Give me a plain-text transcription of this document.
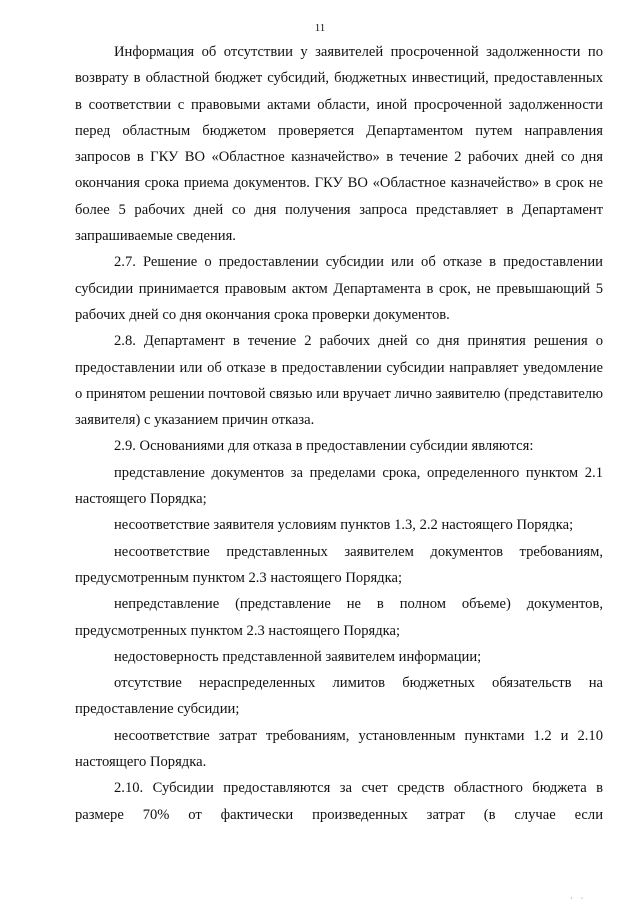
11

Информация об отсутствии у заявителей просроченной задолженности по возврату в областной бюджет субсидий, бюджетных инвестиций, предоставленных в соответствии с правовыми актами области, иной просроченной задолженности перед областным бюджетом проверяется Департаментом путем направления запросов в ГКУ ВО «Областное казначейство» в течение 2 рабочих дней со дня окончания срока приема документов. ГКУ ВО «Областное казначейство» в срок не более 5 рабочих дней со дня получения запроса представляет в Департамент запрашиваемые сведения.

2.7. Решение о предоставлении субсидии или об отказе в предоставлении субсидии принимается правовым актом Департамента в срок, не превышающий 5 рабочих дней со дня окончания срока проверки документов.

2.8. Департамент в течение 2 рабочих дней со дня принятия решения о предоставлении или об отказе в предоставлении субсидии направляет уведомление о принятом решении почтовой связью или вручает лично заявителю (представителю заявителя) с указанием причин отказа.

2.9. Основаниями для отказа в предоставлении субсидии являются:

представление документов за пределами срока, определенного пунктом 2.1 настоящего Порядка;

несоответствие заявителя условиям пунктов 1.3, 2.2 настоящего Порядка;

несоответствие представленных заявителем документов требованиям, предусмотренным пунктом 2.3 настоящего Порядка;

непредставление (представление не в полном объеме) документов, предусмотренных пунктом 2.3 настоящего Порядка;

недостоверность представленной заявителем информации;

отсутствие нераспределенных лимитов бюджетных обязательств на предоставление субсидии;

несоответствие затрат требованиям, установленным пунктами 1.2 и 2.10 настоящего Порядка.

2.10. Субсидии предоставляются за счет средств областного бюджета в размере 70% от фактически произведенных затрат (в случае если

· ·
